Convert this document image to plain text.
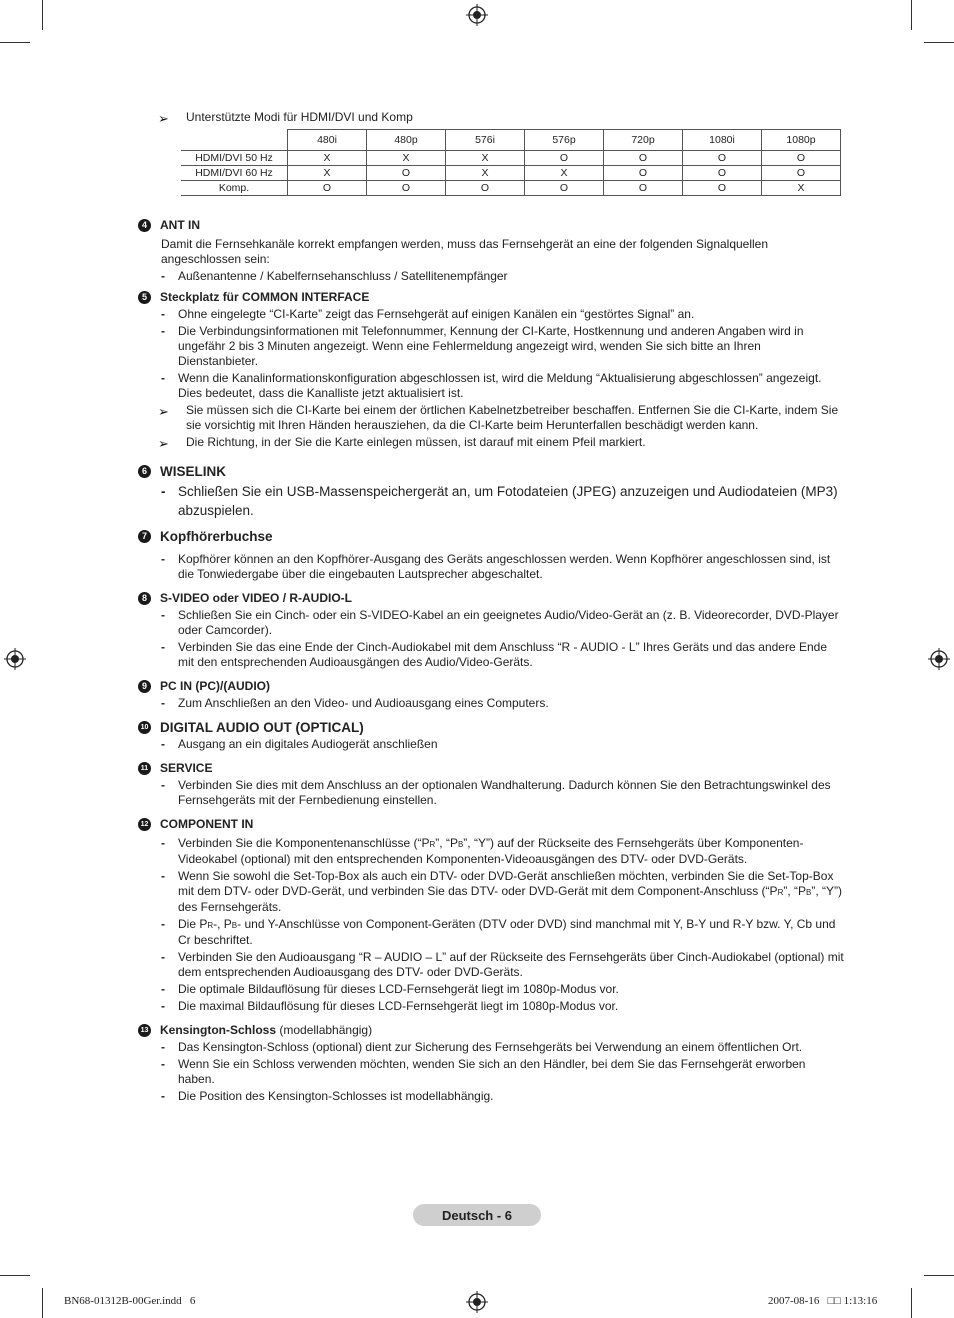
➢ Unterstützte Modi für HDMI/DVI und Komp
	480i	480p	576i	576p	720p	1080i	1080p
HDMI/DVI 50 Hz	X	X	X	O	O	O	O
HDMI/DVI 60 Hz	X	O	X	X	O	O	O
Komp.	O	O	O	O	O	O	X
4	ANT IN
Damit die Fernsehkanäle korrekt empfangen werden, muss das Fernsehgerät an eine der folgenden Signalquellen angeschlossen sein:
- Außenantenne / Kabelfernsehanschluss / Satellitenempfänger
5	Steckplatz für COMMON INTERFACE
- Ohne eingelegte “CI-Karte” zeigt das Fernsehgerät auf einigen Kanälen ein “gestörtes Signal” an.
- Die Verbindungsinformationen mit Telefonnummer, Kennung der CI-Karte, Hostkennung und anderen Angaben wird in ungefähr 2 bis 3 Minuten angezeigt. Wenn eine Fehlermeldung angezeigt wird, wenden Sie sich bitte an Ihren Dienstanbieter.
- Wenn die Kanalinformationskonfiguration abgeschlossen ist, wird die Meldung “Aktualisierung abgeschlossen” angezeigt. Dies bedeutet, dass die Kanalliste jetzt aktualisiert ist.
➢ Sie müssen sich die CI-Karte bei einem der örtlichen Kabelnetzbetreiber beschaffen. Entfernen Sie die CI-Karte, indem Sie sie vorsichtig mit Ihren Händen herausziehen, da die CI-Karte beim Herunterfallen beschädigt werden kann.
➢ Die Richtung, in der Sie die Karte einlegen müssen, ist darauf mit einem Pfeil markiert.
6 WISELINK
- Schließen Sie ein USB-Massenspeichergerät an, um Fotodateien (JPEG) anzuzeigen und Audiodateien (MP3) abzuspielen.
7 Kopfhörerbuchse
- Kopfhörer können an den Kopfhörer-Ausgang des Geräts angeschlossen werden. Wenn Kopfhörer angeschlossen sind, ist die Tonwiedergabe über die eingebauten Lautsprecher abgeschaltet.
8	S-VIDEO oder VIDEO / R-AUDIO-L
- Schließen Sie ein Cinch- oder ein S-VIDEO-Kabel an ein geeignetes Audio/Video-Gerät an (z. B. Videorecorder, DVD-Player oder Camcorder).
- Verbinden Sie das eine Ende der Cinch-Audiokabel mit dem Anschluss “R - AUDIO - L” Ihres Geräts und das andere Ende mit den entsprechenden Audioausgängen des Audio/Video-Geräts.
9	PC IN (PC)/(AUDIO)
- Zum Anschließen an den Video- und Audioausgang eines Computers.
10 DIGITAL AUDIO OUT (OPTICAL)
- Ausgang an ein digitales Audiogerät anschließen
11 SERVICE
- Verbinden Sie dies mit dem Anschluss an der optionalen Wandhalterung. Dadurch können Sie den Betrachtungswinkel des Fernsehgeräts mit der Fernbedienung einstellen.
12 COMPONENT IN
- Verbinden Sie die Komponentenanschlüsse (“PR”, “PB”, “Y”) auf der Rückseite des Fernsehgeräts über Komponenten-Videokabel (optional) mit den entsprechenden Komponenten-Videoausgängen des DTV- oder DVD-Geräts.
- Wenn Sie sowohl die Set-Top-Box als auch ein DTV- oder DVD-Gerät anschließen möchten, verbinden Sie die Set-Top-Box mit dem DTV- oder DVD-Gerät, und verbinden Sie das DTV- oder DVD-Gerät mit dem Component-Anschluss (“PR”, “PB”, “Y”) des Fernsehgeräts.
- Die PR-, PB- und Y-Anschlüsse von Component-Geräten (DTV oder DVD) sind manchmal mit Y, B-Y und R-Y bzw. Y, Cb und Cr beschriftet.
- Verbinden Sie den Audioausgang “R – AUDIO – L” auf der Rückseite des Fernsehgeräts über Cinch-Audiokabel (optional) mit dem entsprechenden Audioausgang des DTV- oder DVD-Geräts.
- Die optimale Bildauflösung für dieses LCD-Fernsehgerät liegt im 1080p-Modus vor.
- Die maximal Bildauflösung für dieses LCD-Fernsehgerät liegt im 1080p-Modus vor.
13 Kensington-Schloss (modellabhängig)
- Das Kensington-Schloss (optional) dient zur Sicherung des Fernsehgeräts bei Verwendung an einem öffentlichen Ort.
- Wenn Sie ein Schloss verwenden möchten, wenden Sie sich an den Händler, bei dem Sie das Fernsehgerät erworben haben.
- Die Position des Kensington-Schlosses ist modellabhängig.
Deutsch - 6
BN68-01312B-00Ger.indd   6	2007-08-16   □□ 1:13:16
